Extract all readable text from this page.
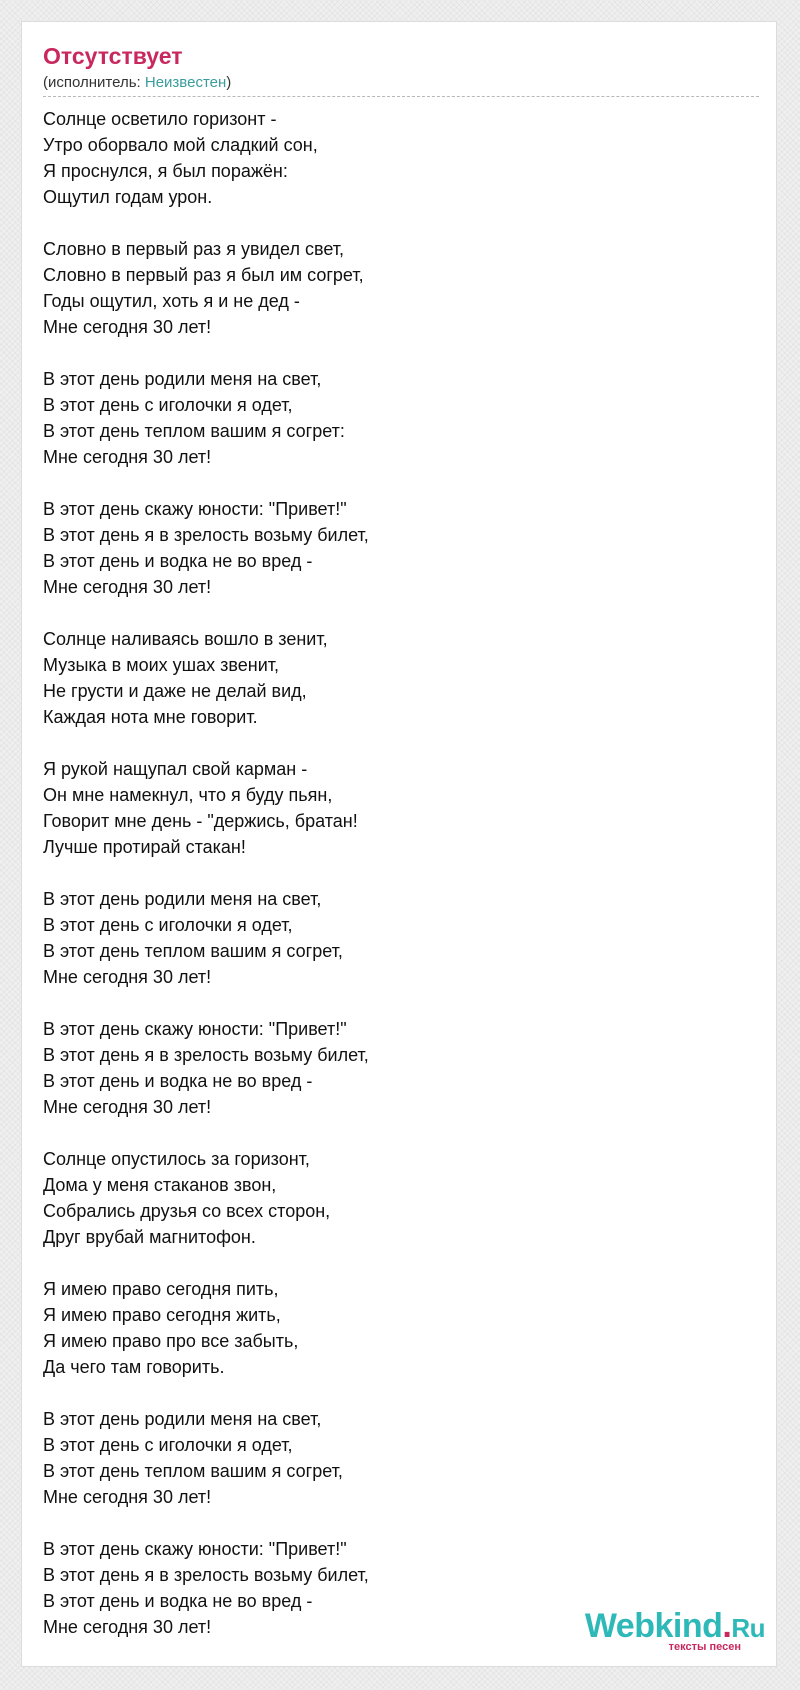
Отсутствует
(исполнитель: Неизвестен)
Солнце осветило горизонт -
Утро оборвало мой сладкий сон,
Я проснулся, я был поражён:
Ощутил годам урон.
Словно в первый раз я увидел свет,
Словно в первый раз я был им согрет,
Годы ощутил, хоть я и не дед -
Мне сегодня 30 лет!
В этот день родили меня на свет,
В этот день с иголочки я одет,
В этот день теплом вашим я согрет:
Мне сегодня 30 лет!
В этот день скажу юности: "Привет!"
В этот день я в зрелость возьму билет,
В этот день и водка не во вред -
Мне сегодня 30 лет!
Солнце наливаясь вошло в зенит,
Музыка в моих ушах звенит,
Не грусти и даже не делай вид,
Каждая нота мне говорит.
Я рукой нащупал свой карман -
Он мне намекнул, что я буду пьян,
Говорит мне день - "держись, братан!
Лучше протирай стакан!
В этот день родили меня на свет,
В этот день с иголочки я одет,
В этот день теплом вашим я согрет,
Мне сегодня 30 лет!
В этот день скажу юности: "Привет!"
В этот день я в зрелость возьму билет,
В этот день и водка не во вред -
Мне сегодня 30 лет!
Солнце опустилось за горизонт,
Дома у меня стаканов звон,
Собрались друзья со всех сторон,
Друг врубай магнитофон.
Я имею право сегодня пить,
Я имею право сегодня жить,
Я имею право про все забыть,
Да чего там говорить.
В этот день родили меня на свет,
В этот день с иголочки я одет,
В этот день теплом вашим я согрет,
Мне сегодня 30 лет!
В этот день скажу юности: "Привет!"
В этот день я в зрелость возьму билет,
В этот день и водка не во вред -
Мне сегодня 30 лет!	Webkind.Ru
тексты песен
